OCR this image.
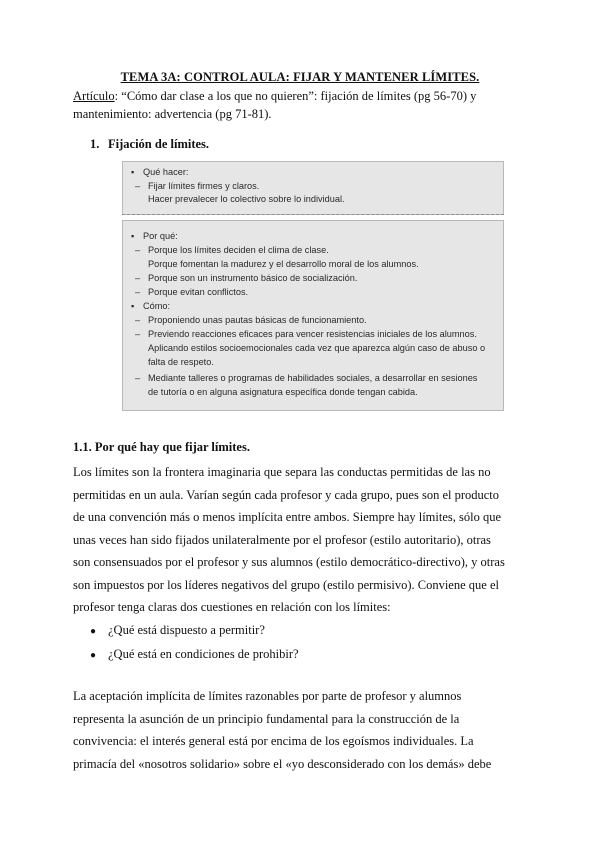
TEMA 3A: CONTROL AULA: FIJAR Y MANTENER LÍMITES.
Artículo: “Cómo dar clase a los que no quieren”: fijación de límites (pg 56-70) y
mantenimiento: advertencia (pg 71-81).
1. Fijación de límites.
▪ Qué hacer:
– Fijar límites firmes y claros.
Hacer prevalecer lo colectivo sobre lo individual.
▪ Por qué:
– Porque los límites deciden el clima de clase.
Porque fomentan la madurez y el desarrollo moral de los alumnos.
– Porque son un instrumento básico de socialización.
– Porque evitan conflictos.
▪ Cómo:
– Proponiendo unas pautas básicas de funcionamiento.
– Previendo reacciones eficaces para vencer resistencias iniciales de los alumnos.
Aplicando estilos socioemocionales cada vez que aparezca algún caso de abuso o
falta de respeto.
– Mediante talleres o programas de habilidades sociales, a desarrollar en sesiones
de tutoría o en alguna asignatura específica donde tengan cabida.
1.1. Por qué hay que fijar límites.
Los límites son la frontera imaginaria que separa las conductas permitidas de las no
permitidas en un aula. Varían según cada profesor y cada grupo, pues son el producto
de una convención más o menos implícita entre ambos. Siempre hay límites, sólo que
unas veces han sido fijados unilateralmente por el profesor (estilo autoritario), otras
son consensuados por el profesor y sus alumnos (estilo democrático-directivo), y otras
son impuestos por los líderes negativos del grupo (estilo permisivo). Conviene que el
profesor tenga claras dos cuestiones en relación con los límites:
● ¿Qué está dispuesto a permitir?
● ¿Qué está en condiciones de prohibir?
La aceptación implícita de límites razonables por parte de profesor y alumnos
representa la asunción de un principio fundamental para la construcción de la
convivencia: el interés general está por encima de los egoísmos individuales. La
primacía del «nosotros solidario» sobre el «yo desconsiderado con los demás» debe
